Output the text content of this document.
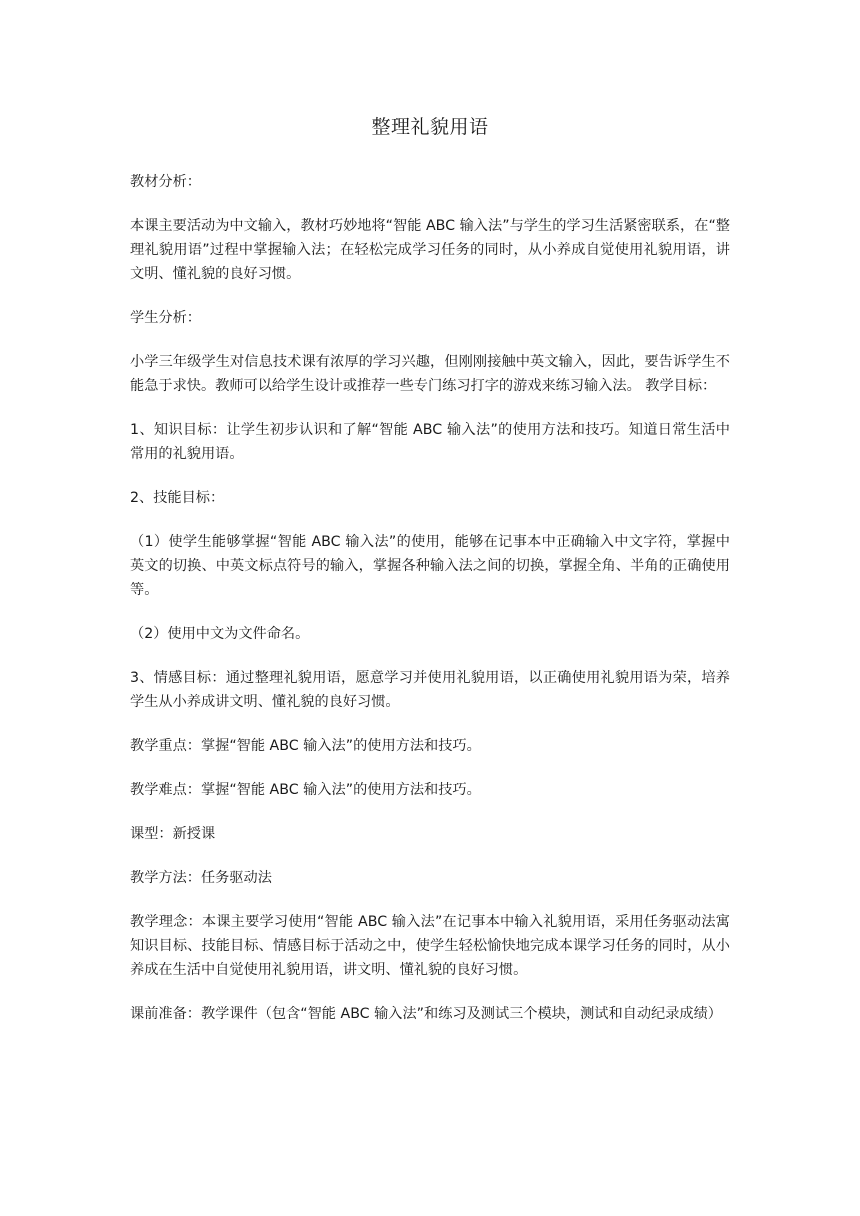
整理礼貌用语

教材分析：

本课主要活动为中文输入，教材巧妙地将“智能 ABC 输入法”与学生的学习生活紧密联系，在“整理礼貌用语”过程中掌握输入法；在轻松完成学习任务的同时，从小养成自觉使用礼貌用语，讲文明、懂礼貌的良好习惯。

学生分析：

小学三年级学生对信息技术课有浓厚的学习兴趣，但刚刚接触中英文输入，因此，要告诉学生不能急于求快。教师可以给学生设计或推荐一些专门练习打字的游戏来练习输入法。 教学目标：

1、知识目标：让学生初步认识和了解“智能 ABC 输入法”的使用方法和技巧。知道日常生活中常用的礼貌用语。

2、技能目标：

（1）使学生能够掌握“智能 ABC 输入法”的使用，能够在记事本中正确输入中文字符，掌握中英文的切换、中英文标点符号的输入，掌握各种输入法之间的切换，掌握全角、半角的正确使用等。

（2）使用中文为文件命名。

3、情感目标：通过整理礼貌用语，愿意学习并使用礼貌用语，以正确使用礼貌用语为荣，培养学生从小养成讲文明、懂礼貌的良好习惯。

教学重点：掌握“智能 ABC 输入法”的使用方法和技巧。

教学难点：掌握“智能 ABC 输入法”的使用方法和技巧。

课型：新授课

教学方法：任务驱动法

教学理念：本课主要学习使用“智能 ABC 输入法”在记事本中输入礼貌用语，采用任务驱动法寓知识目标、技能目标、情感目标于活动之中，使学生轻松愉快地完成本课学习任务的同时，从小养成在生活中自觉使用礼貌用语，讲文明、懂礼貌的良好习惯。

课前准备：教学课件（包含“智能 ABC 输入法”和练习及测试三个模块，测试和自动纪录成绩）
